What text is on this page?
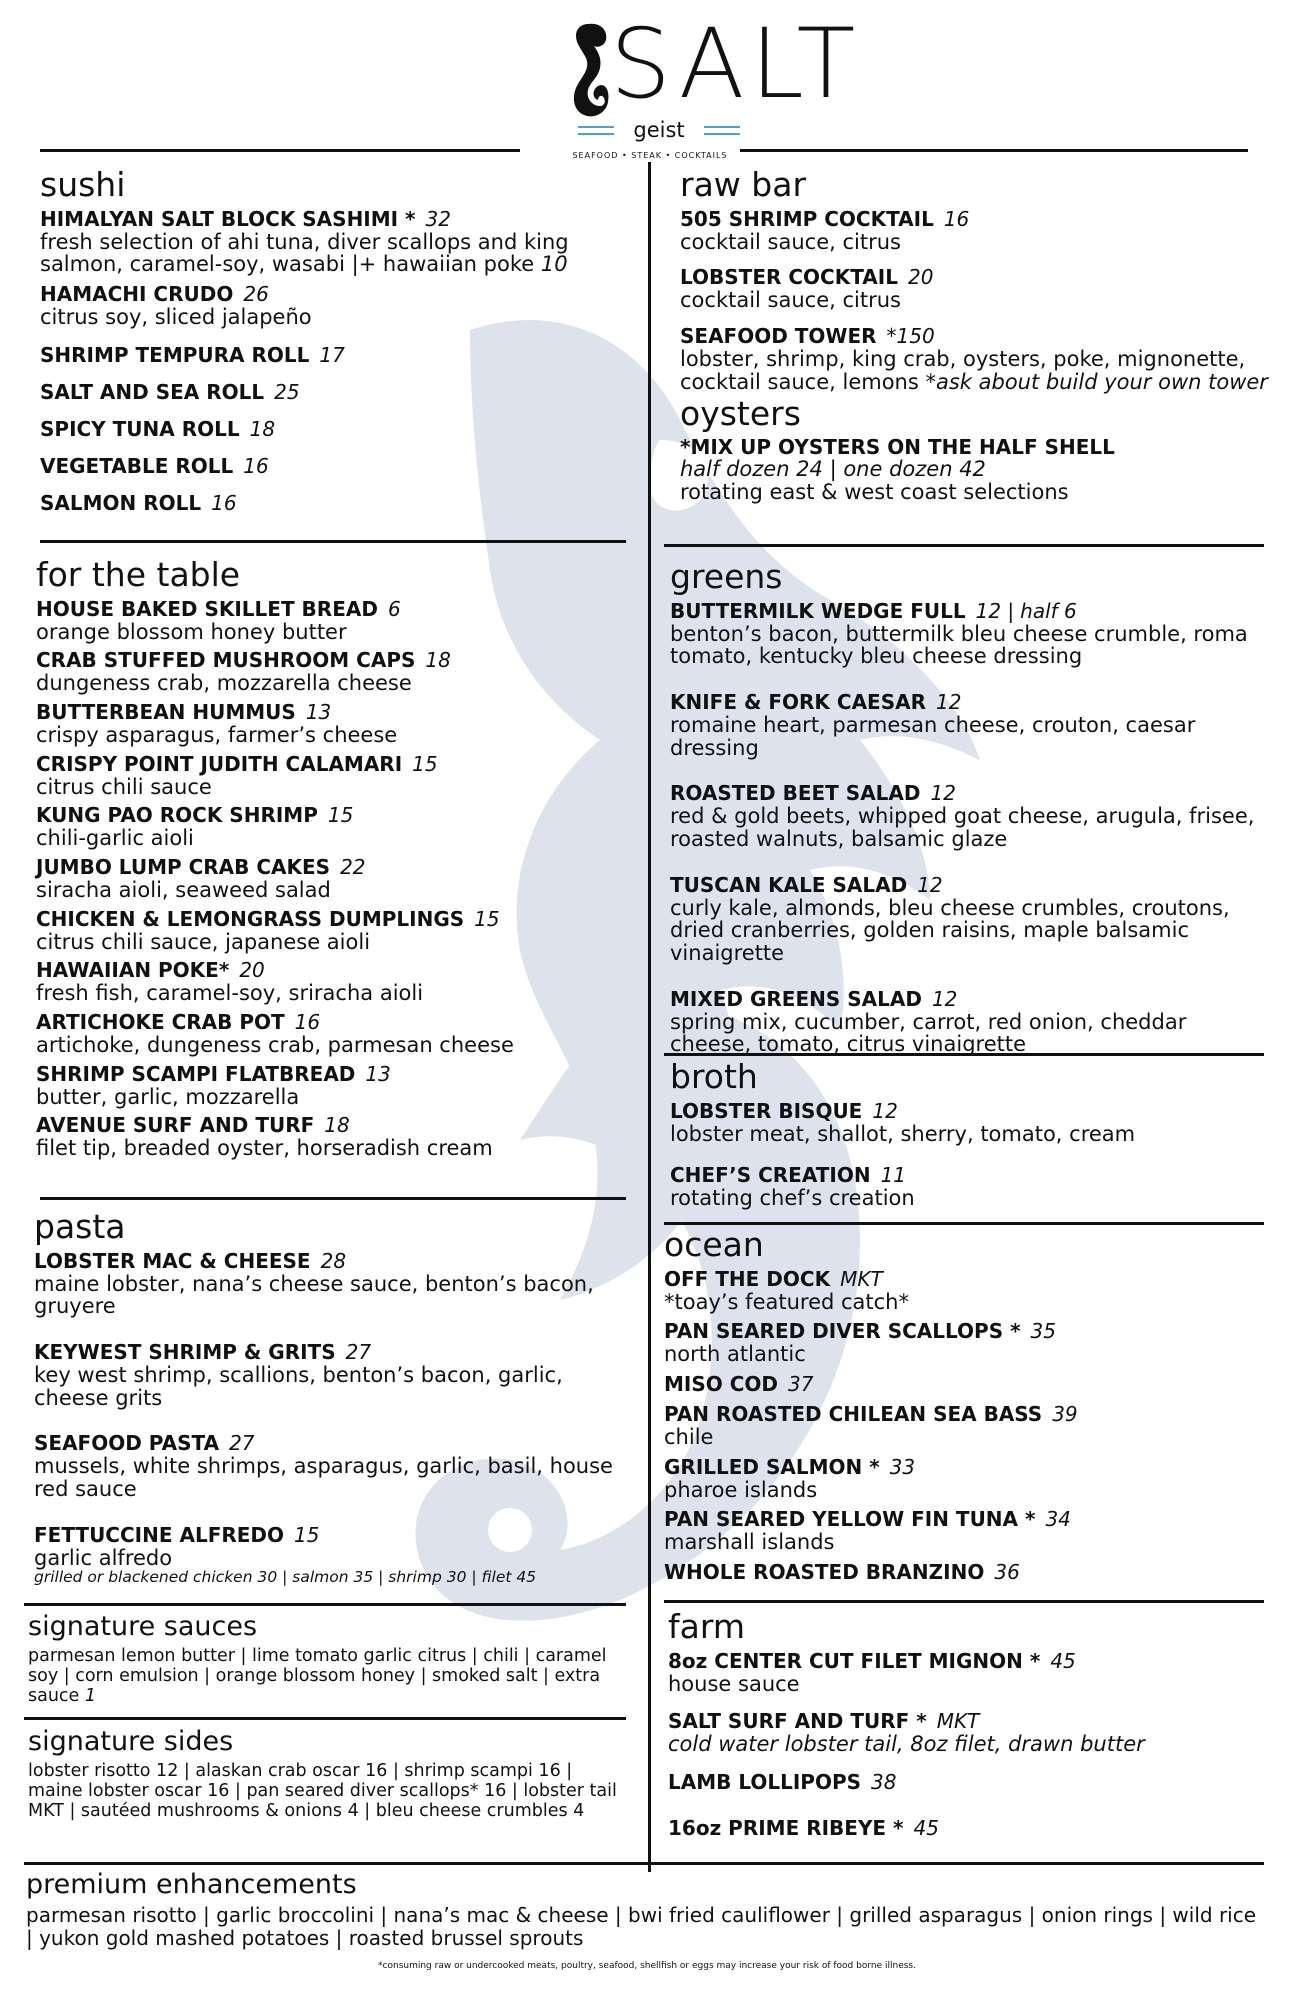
SALT
geist
SEAFOOD • STEAK • COCKTAILS
sushi
HIMALYAN SALT BLOCK SASHIMI * 32
fresh selection of ahi tuna, diver scallops and king salmon, caramel-soy, wasabi |+ hawaiian poke 10
HAMACHI CRUDO 26
citrus soy, sliced jalapeño
SHRIMP TEMPURA ROLL 17
SALT AND SEA ROLL 25
SPICY TUNA ROLL 18
VEGETABLE ROLL 16
SALMON ROLL 16
raw bar
505 SHRIMP COCKTAIL 16
cocktail sauce, citrus
LOBSTER COCKTAIL 20
cocktail sauce, citrus
SEAFOOD TOWER *150
lobster, shrimp, king crab, oysters, poke, mignonette, cocktail sauce, lemons *ask about build your own tower
oysters
*MIX UP OYSTERS ON THE HALF SHELL
half dozen 24 | one dozen 42
rotating east & west coast selections
for the table
HOUSE BAKED SKILLET BREAD 6
orange blossom honey butter
CRAB STUFFED MUSHROOM CAPS 18
dungeness crab, mozzarella cheese
BUTTERBEAN HUMMUS 13
crispy asparagus, farmer’s cheese
CRISPY POINT JUDITH CALAMARI 15
citrus chili sauce
KUNG PAO ROCK SHRIMP 15
chili-garlic aioli
JUMBO LUMP CRAB CAKES 22
siracha aioli, seaweed salad
CHICKEN & LEMONGRASS DUMPLINGS 15
citrus chili sauce, japanese aioli
HAWAIIAN POKE* 20
fresh fish, caramel-soy, sriracha aioli
ARTICHOKE CRAB POT 16
artichoke, dungeness crab, parmesan cheese
SHRIMP SCAMPI FLATBREAD 13
butter, garlic, mozzarella
AVENUE SURF AND TURF 18
filet tip, breaded oyster, horseradish cream
greens
BUTTERMILK WEDGE FULL 12 | half 6
benton’s bacon, buttermilk bleu cheese crumble, roma tomato, kentucky bleu cheese dressing
KNIFE & FORK CAESAR 12
romaine heart, parmesan cheese, crouton, caesar dressing
ROASTED BEET SALAD 12
red & gold beets, whipped goat cheese, arugula, frisee, roasted walnuts, balsamic glaze
TUSCAN KALE SALAD 12
curly kale, almonds, bleu cheese crumbles, croutons, dried cranberries, golden raisins, maple balsamic vinaigrette
MIXED GREENS SALAD 12
spring mix, cucumber, carrot, red onion, cheddar cheese, tomato, citrus vinaigrette
broth
LOBSTER BISQUE 12
lobster meat, shallot, sherry, tomato, cream
CHEF’S CREATION 11
rotating chef’s creation
pasta
LOBSTER MAC & CHEESE 28
maine lobster, nana’s cheese sauce, benton’s bacon, gruyere
KEYWEST SHRIMP & GRITS 27
key west shrimp, scallions, benton’s bacon, garlic, cheese grits
SEAFOOD PASTA 27
mussels, white shrimps, asparagus, garlic, basil, house red sauce
FETTUCCINE ALFREDO 15
garlic alfredo
grilled or blackened chicken 30 | salmon 35 | shrimp 30 | filet 45
ocean
OFF THE DOCK MKT
*toay’s featured catch*
PAN SEARED DIVER SCALLOPS * 35
north atlantic
MISO COD 37
PAN ROASTED CHILEAN SEA BASS 39
chile
GRILLED SALMON * 33
pharoe islands
PAN SEARED YELLOW FIN TUNA * 34
marshall islands
WHOLE ROASTED BRANZINO 36
signature sauces
parmesan lemon butter | lime tomato garlic citrus | chili | caramel soy | corn emulsion | orange blossom honey | smoked salt | extra sauce 1
signature sides
lobster risotto 12 | alaskan crab oscar 16 | shrimp scampi 16 | maine lobster oscar 16 | pan seared diver scallops* 16 | lobster tail MKT | sautéed mushrooms & onions 4 | bleu cheese crumbles 4
farm
8oz CENTER CUT FILET MIGNON * 45
house sauce
SALT SURF AND TURF * MKT
cold water lobster tail, 8oz filet, drawn butter
LAMB LOLLIPOPS 38
16oz PRIME RIBEYE * 45
premium enhancements
parmesan risotto | garlic broccolini | nana’s mac & cheese | bwi fried cauliflower | grilled asparagus | onion rings | wild rice | yukon gold mashed potatoes | roasted brussel sprouts
*consuming raw or undercooked meats, poultry, seafood, shellfish or eggs may increase your risk of food borne illness.
